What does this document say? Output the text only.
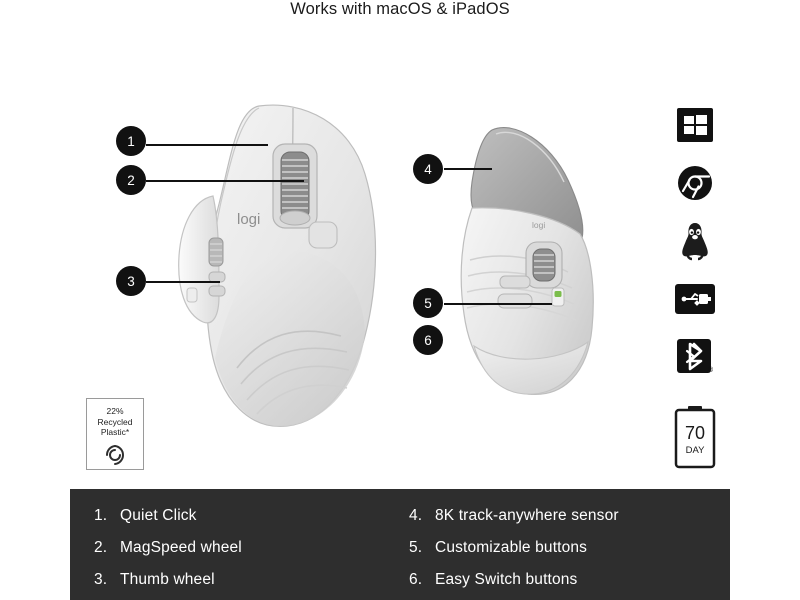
Works with macOS & iPadOS
logi	logi
1
2
3
4
5
6
22%
Recycled
Plastic*
®
70
DAY
1. Quiet Click
2. MagSpeed wheel
3. Thumb wheel
4. 8K track-anywhere sensor
5. Customizable buttons
6. Easy Switch buttons
